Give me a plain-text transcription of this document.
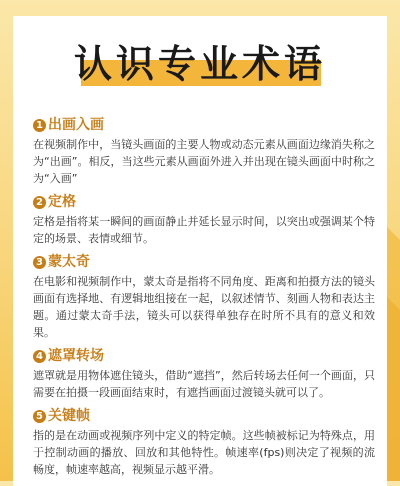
认识专业术语
1 出画入画

在视频制作中，当镜头画面的主要人物或动态元素从画面边缘消失称之为“出画”。相反，当这些元素从画面外进入并出现在镜头画面中时称之为“入画”

2 定格

定格是指将某一瞬间的画面静止并延长显示时间，以突出或强调某个特定的场景、表情或细节。

3 蒙太奇

在电影和视频制作中，蒙太奇是指将不同角度、距离和拍摄方法的镜头画面有选择地、有逻辑地组接在一起，以叙述情节、刻画人物和表达主题。通过蒙太奇手法，镜头可以获得单独存在时所不具有的意义和效果。

4 遮罩转场

遮罩就是用物体遮住镜头，借助“遮挡”，然后转场去任何一个画面，只需要在拍摄一段画面结束时，有遮挡画面过渡镜头就可以了。

5 关键帧

指的是在动画或视频序列中定义的特定帧。这些帧被标记为特殊点，用于控制动画的播放、回放和其他特性。帧速率(fps)则决定了视频的流畅度，帧速率越高，视频显示越平滑。
